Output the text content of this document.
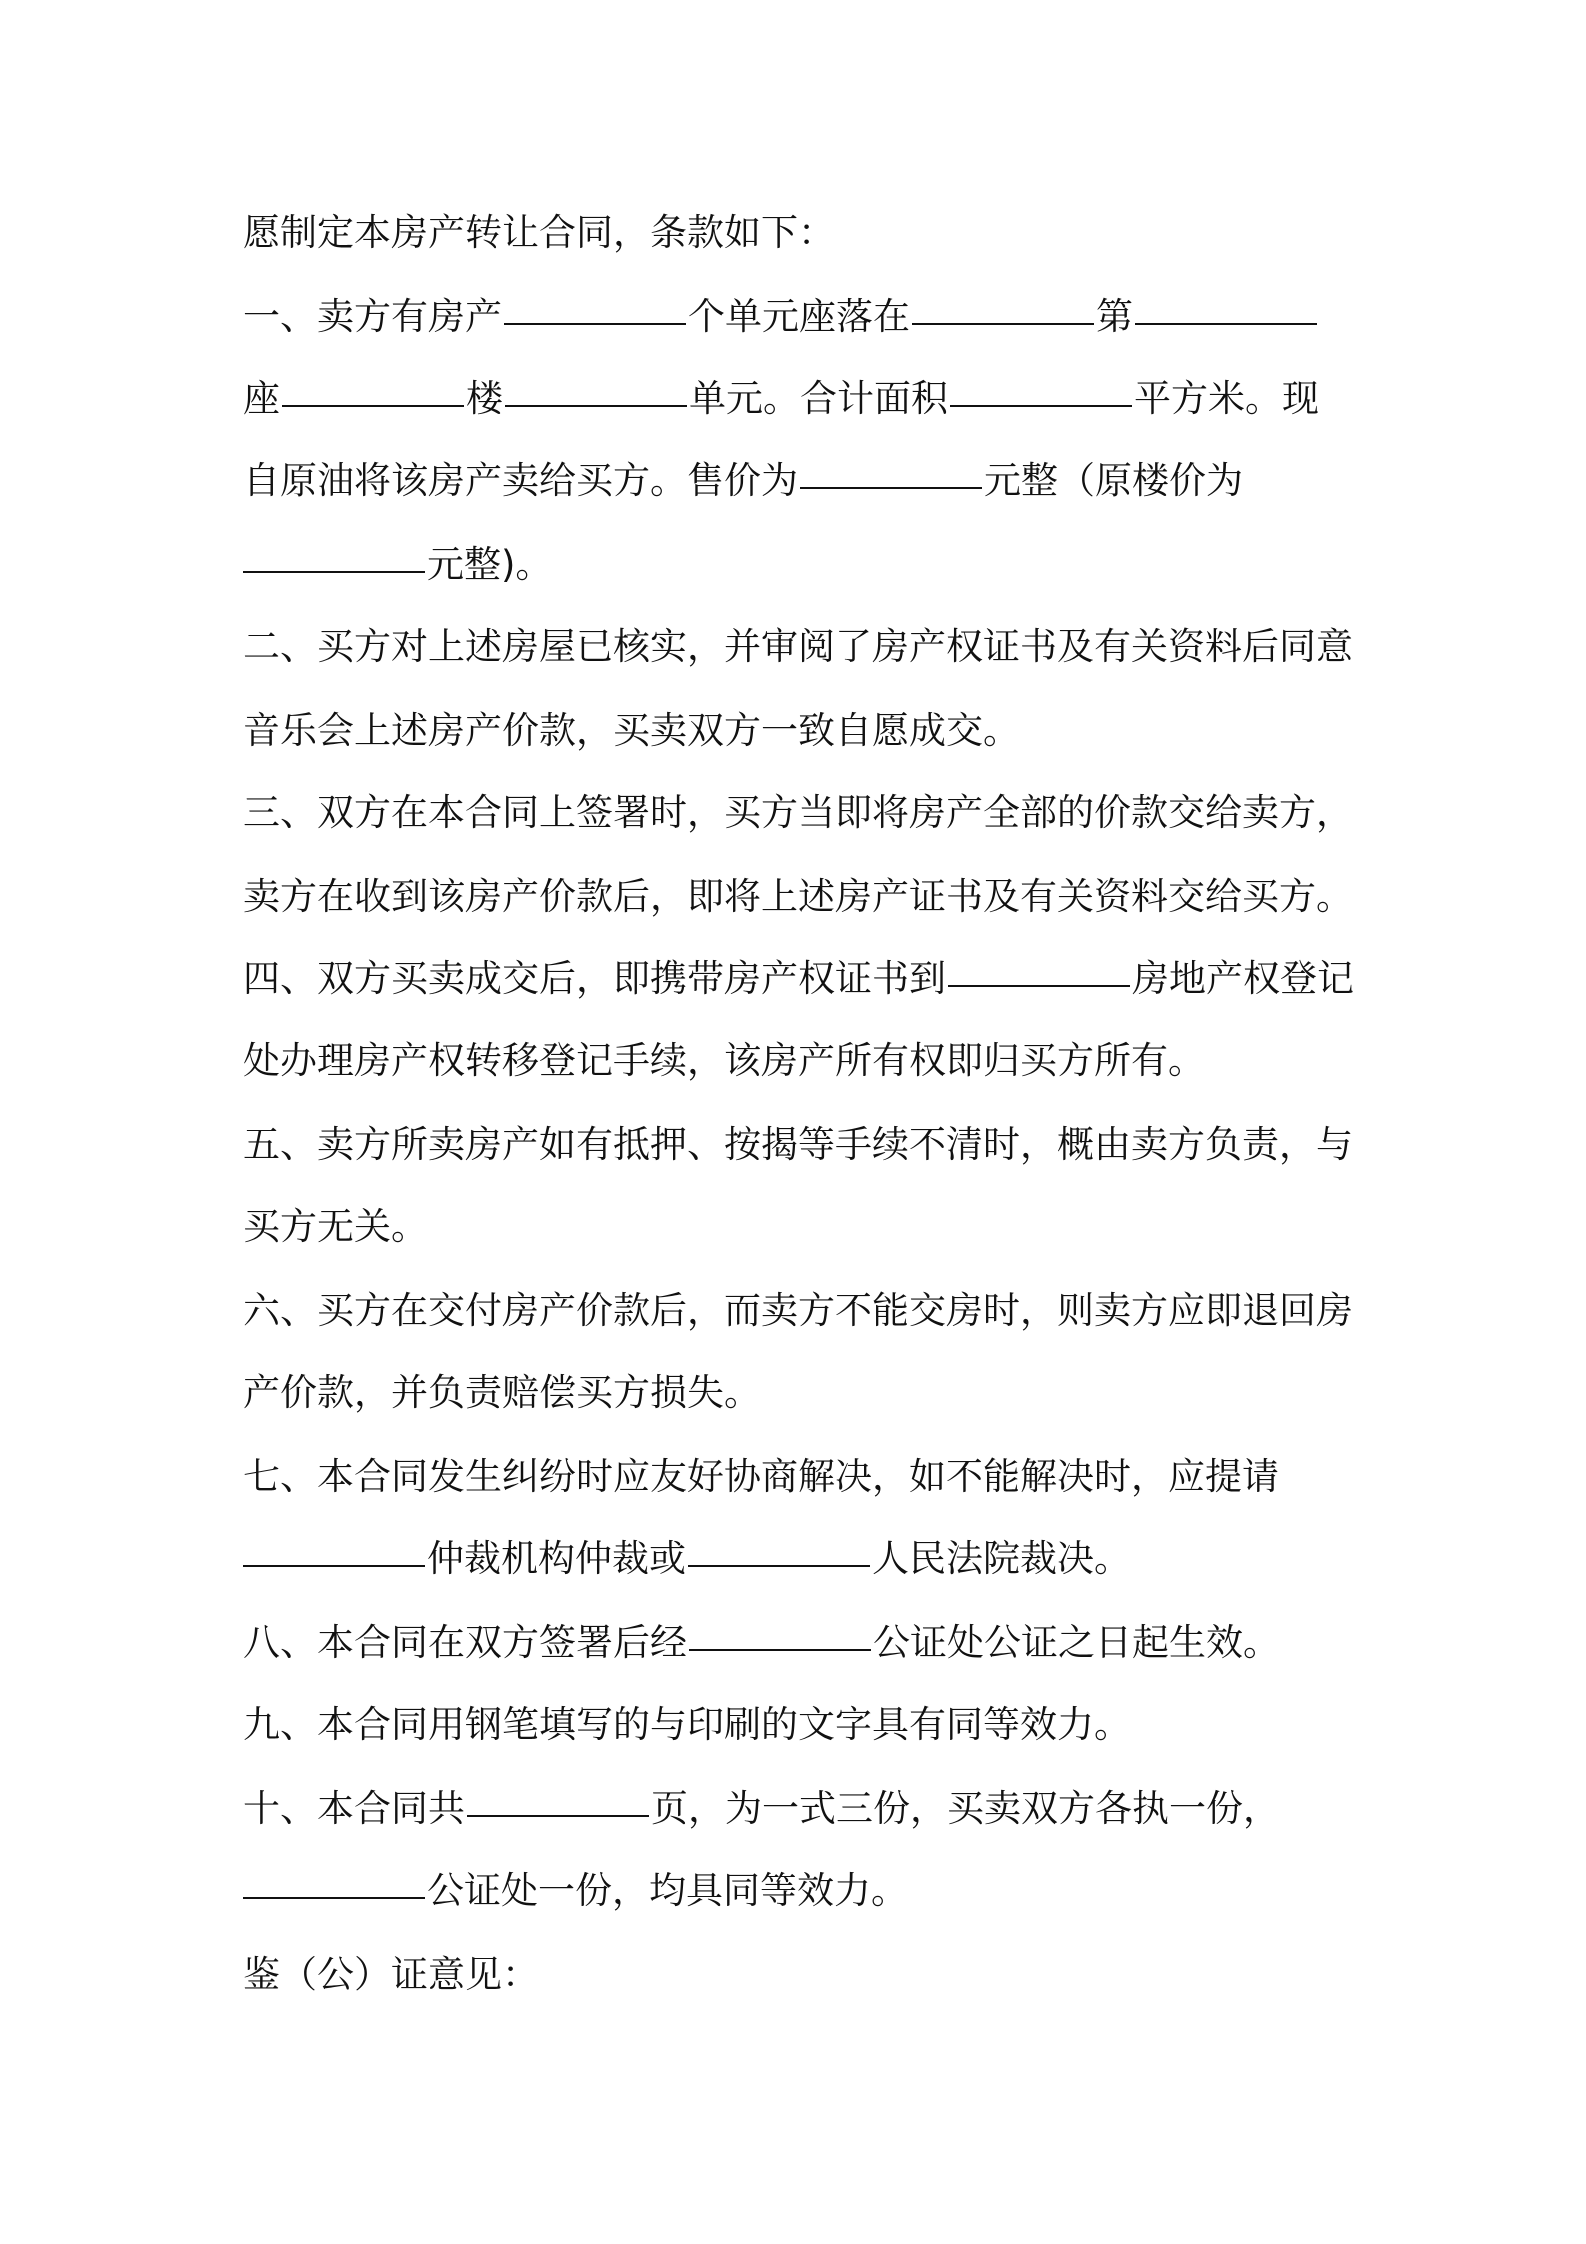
愿制定本房产转让合同，条款如下：
一、卖方有房产	个单元座落在	第
座	楼	单元。合计面积	平方米。现
自原油将该房产卖给买方。售价为	元整（原楼价为
元整)。
二、买方对上述房屋已核实，并审阅了房产权证书及有关资料后同意
音乐会上述房产价款，买卖双方一致自愿成交。
三、双方在本合同上签署时，买方当即将房产全部的价款交给卖方，
卖方在收到该房产价款后，即将上述房产证书及有关资料交给买方。
四、双方买卖成交后，即携带房产权证书到	房地产权登记
处办理房产权转移登记手续，该房产所有权即归买方所有。
五、卖方所卖房产如有抵押、按揭等手续不清时，概由卖方负责，与
买方无关。
六、买方在交付房产价款后，而卖方不能交房时，则卖方应即退回房
产价款，并负责赔偿买方损失。
七、本合同发生纠纷时应友好协商解决，如不能解决时，应提请
仲裁机构仲裁或	人民法院裁决。
八、本合同在双方签署后经	公证处公证之日起生效。
九、本合同用钢笔填写的与印刷的文字具有同等效力。
十、本合同共	页，为一式三份，买卖双方各执一份，
公证处一份，均具同等效力。
鉴（公）证意见：
